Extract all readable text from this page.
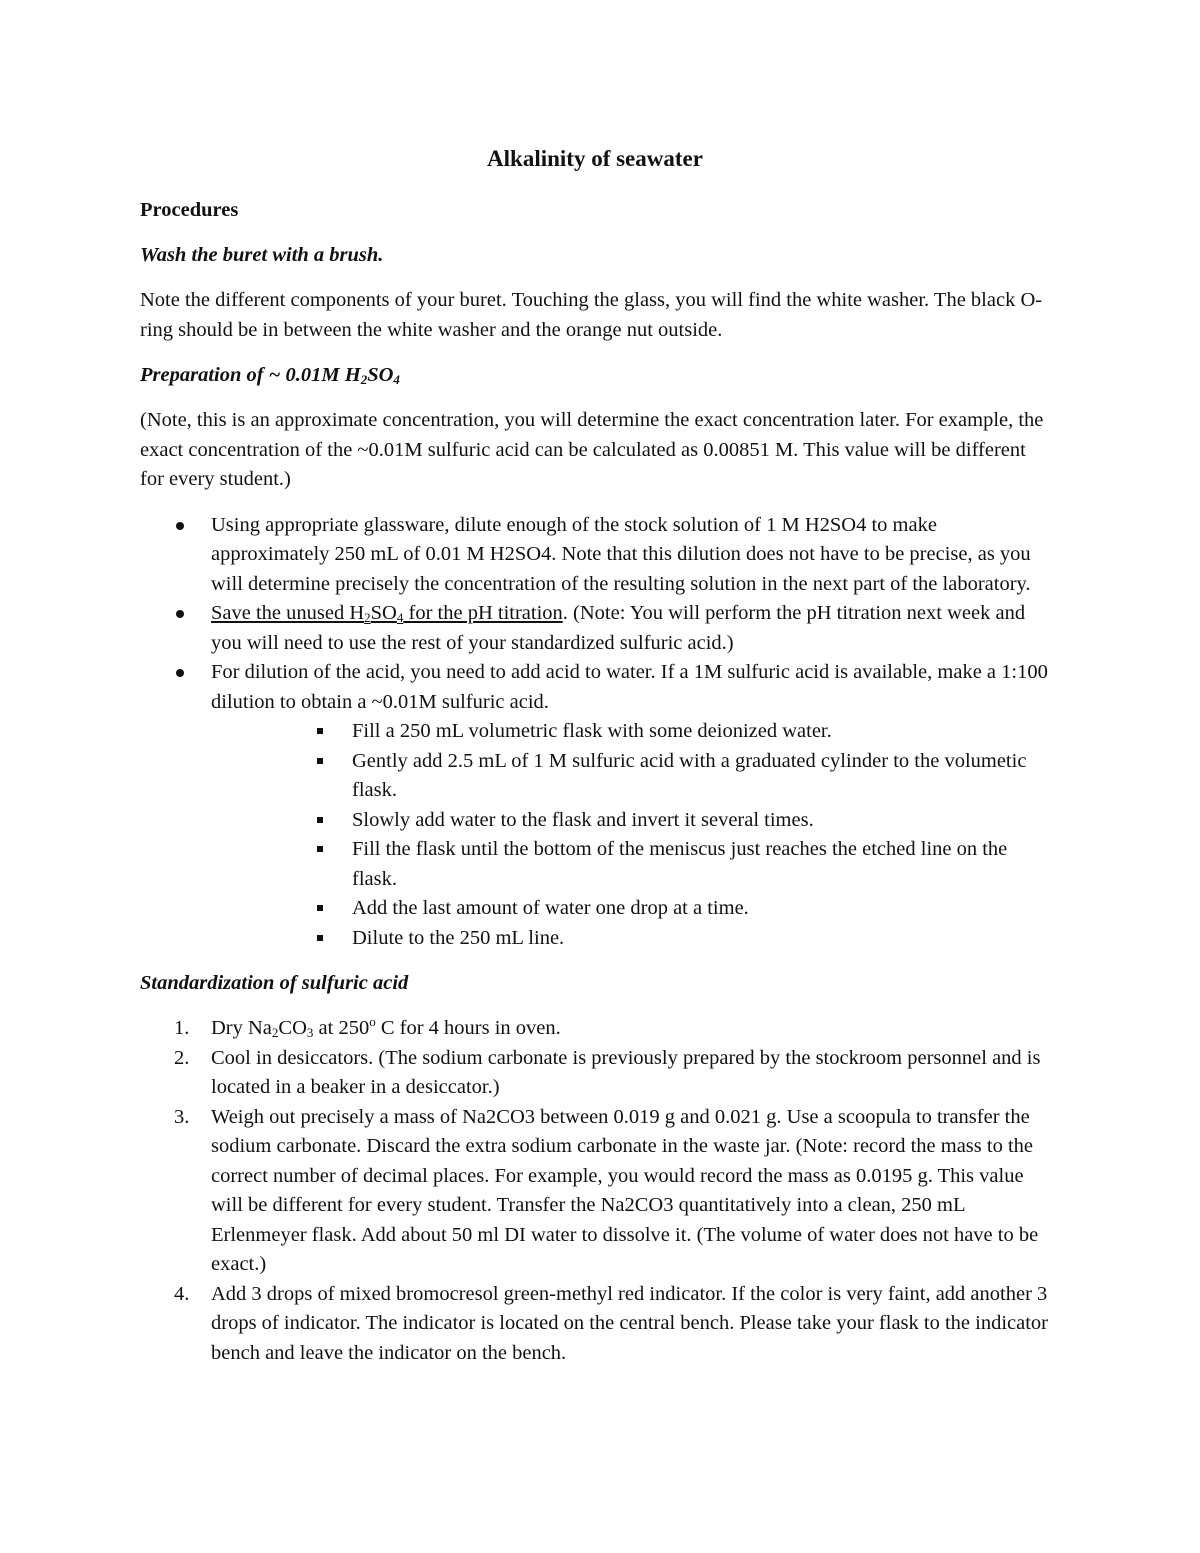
Alkalinity of seawater
Procedures
Wash the buret with a brush.

Note the different components of your buret. Touching the glass, you will find the white washer. The black O-ring should be in between the white washer and the orange nut outside.

Preparation of ~ 0.01M $H_2SO_4$

(Note, this is an approximate concentration, you will determine the exact concentration later. For example, the exact concentration of the ~0.01M sulfuric acid can be calculated as 0.00851 M. This value will be different for every student.)

Using appropriate glassware, dilute enough of the stock solution of 1 M H2SO4 to make approximately 250 mL of 0.01 M H2SO4. Note that this dilution does not have to be precise, as you will determine precisely the concentration of the resulting solution in the next part of the laboratory.
Save the unused $H_2SO_4$ for the pH titration. (Note: You will perform the pH titration next week and you will need to use the rest of your standardized sulfuric acid.)
For dilution of the acid, you need to add acid to water. If a 1M sulfuric acid is available, make a 1:100 dilution to obtain a ~0.01M sulfuric acid.
Fill a 250 mL volumetric flask with some deionized water.
Gently add 2.5 mL of 1 M sulfuric acid with a graduated cylinder to the volumetic flask.
Slowly add water to the flask and invert it several times.
Fill the flask until the bottom of the meniscus just reaches the etched line on the flask.
Add the last amount of water one drop at a time.
Dilute to the 250 mL line.
Standardization of sulfuric acid
1. Dry $Na_2CO_3$ at 250$^o$ C for 4 hours in oven.
2. Cool in desiccators. (The sodium carbonate is previously prepared by the stockroom personnel and is located in a beaker in a desiccator.)
3. Weigh out precisely a mass of Na2CO3 between 0.019 g and 0.021 g. Use a scoopula to transfer the sodium carbonate. Discard the extra sodium carbonate in the waste jar. (Note: record the mass to the correct number of decimal places. For example, you would record the mass as 0.0195 g. This value will be different for every student. Transfer the Na2CO3 quantitatively into a clean, 250 mL Erlenmeyer flask. Add about 50 ml DI water to dissolve it. (The volume of water does not have to be exact.)
4. Add 3 drops of mixed bromocresol green-methyl red indicator. If the color is very faint, add another 3 drops of indicator. The indicator is located on the central bench. Please take your flask to the indicator bench and leave the indicator on the bench.
